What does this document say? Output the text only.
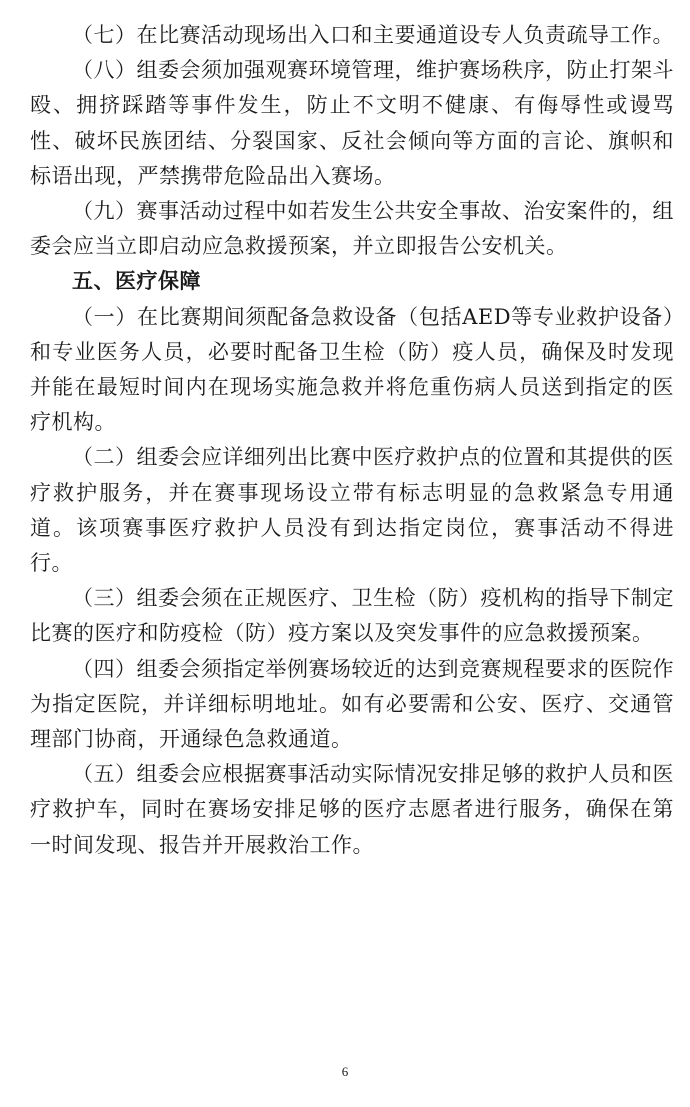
（七）在比赛活动现场出入口和主要通道设专人负责疏导工作。

（八）组委会须加强观赛环境管理，维护赛场秩序，防止打架斗殴、拥挤踩踏等事件发生，防止不文明不健康、有侮辱性或谩骂性、破坏民族团结、分裂国家、反社会倾向等方面的言论、旗帜和标语出现，严禁携带危险品出入赛场。

（九）赛事活动过程中如若发生公共安全事故、治安案件的，组委会应当立即启动应急救援预案，并立即报告公安机关。

五、医疗保障

（一）在比赛期间须配备急救设备（包括AED等专业救护设备）和专业医务人员，必要时配备卫生检（防）疫人员，确保及时发现并能在最短时间内在现场实施急救并将危重伤病人员送到指定的医疗机构。

（二）组委会应详细列出比赛中医疗救护点的位置和其提供的医疗救护服务，并在赛事现场设立带有标志明显的急救紧急专用通道。该项赛事医疗救护人员没有到达指定岗位，赛事活动不得进行。

（三）组委会须在正规医疗、卫生检（防）疫机构的指导下制定比赛的医疗和防疫检（防）疫方案以及突发事件的应急救援预案。

（四）组委会须指定举例赛场较近的达到竞赛规程要求的医院作为指定医院，并详细标明地址。如有必要需和公安、医疗、交通管理部门协商，开通绿色急救通道。

（五）组委会应根据赛事活动实际情况安排足够的救护人员和医疗救护车，同时在赛场安排足够的医疗志愿者进行服务，确保在第一时间发现、报告并开展救治工作。

6
